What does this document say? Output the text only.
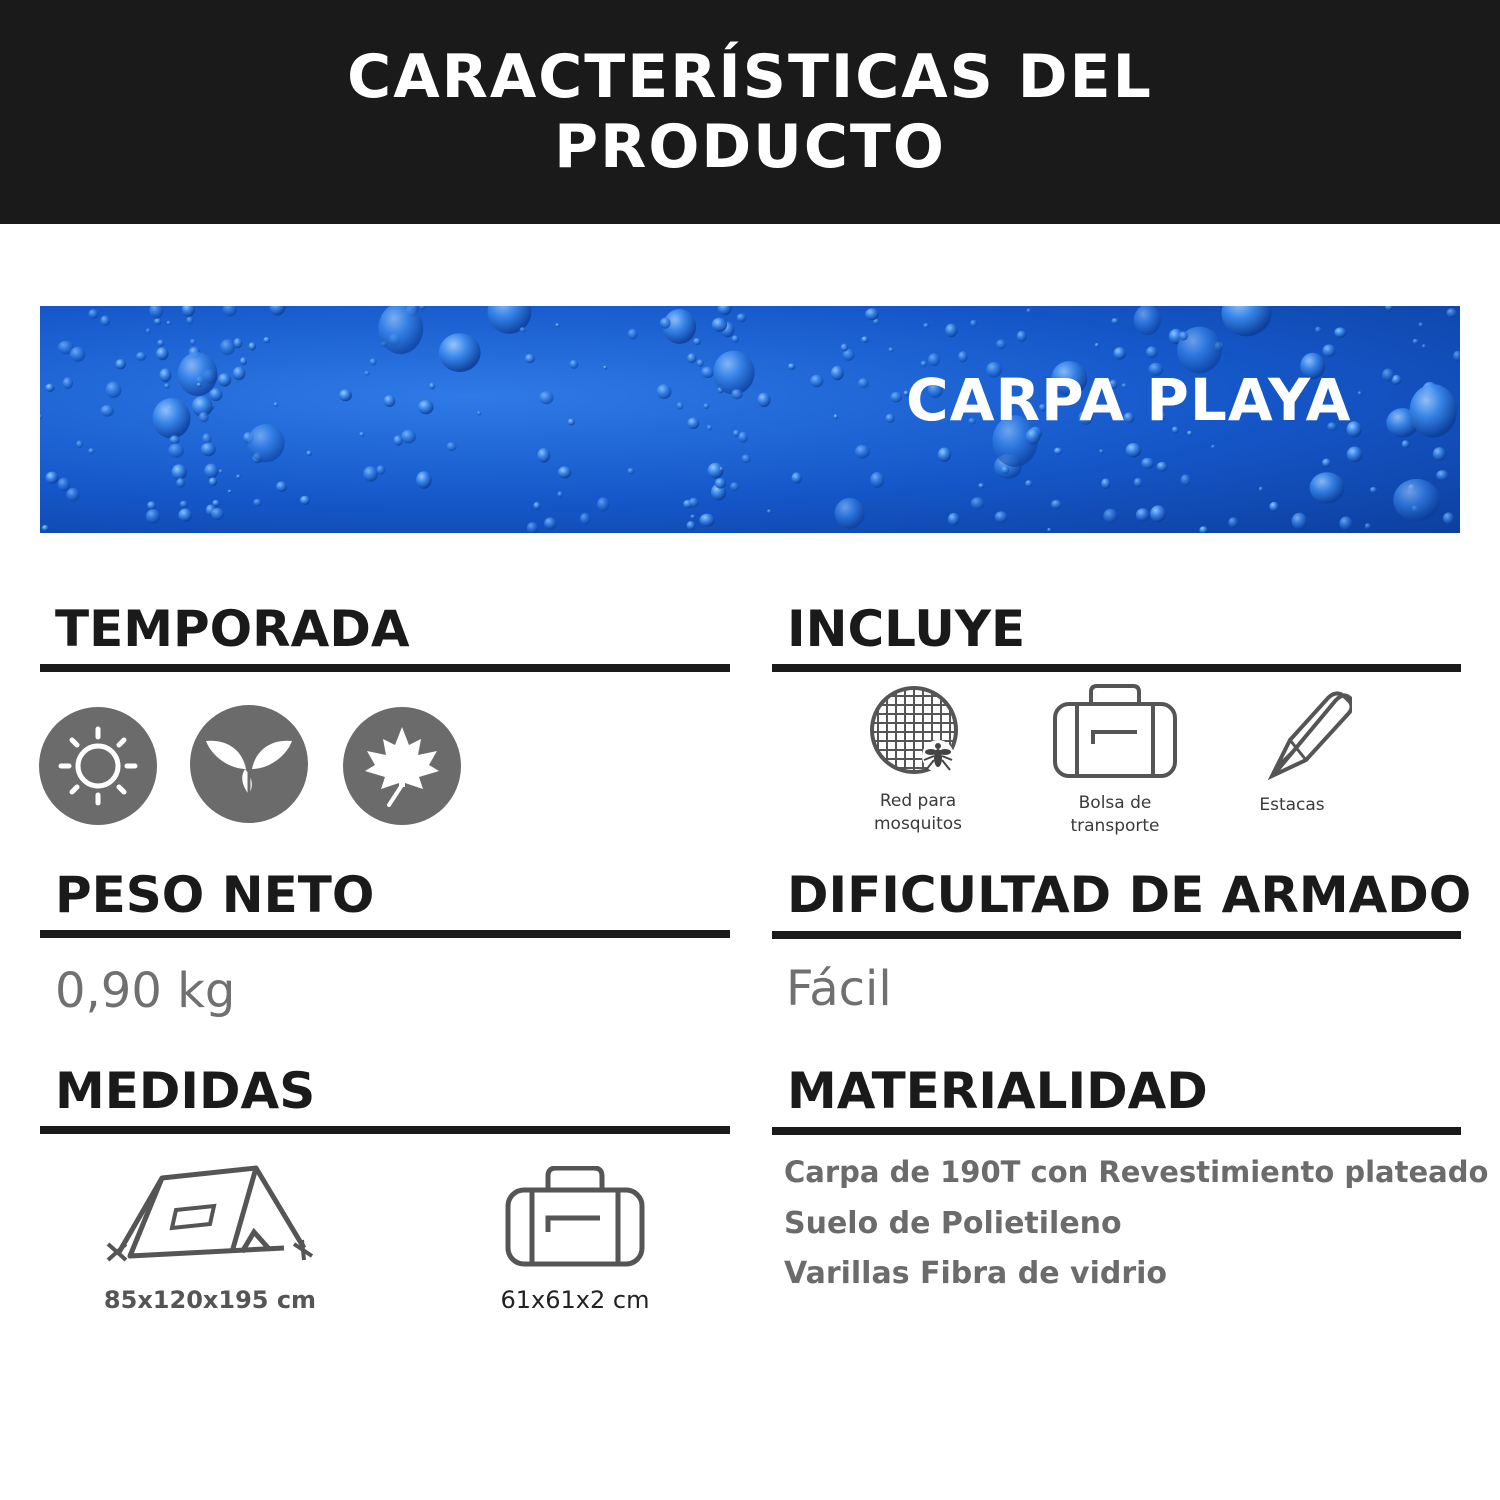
CARACTERÍSTICAS DEL
PRODUCTO
CARPA PLAYA
TEMPORADA	INCLUYE
Red para
mosquitos
Bolsa de
transporte
Estacas
PESO NETO
0,90 kg
DIFICULTAD DE ARMADO
Fácil
MEDIDAS
85x120x195 cm	61x61x2 cm
MATERIALIDAD
Carpa de 190T con Revestimiento plateado
Suelo de Polietileno
Varillas Fibra de vidrio
